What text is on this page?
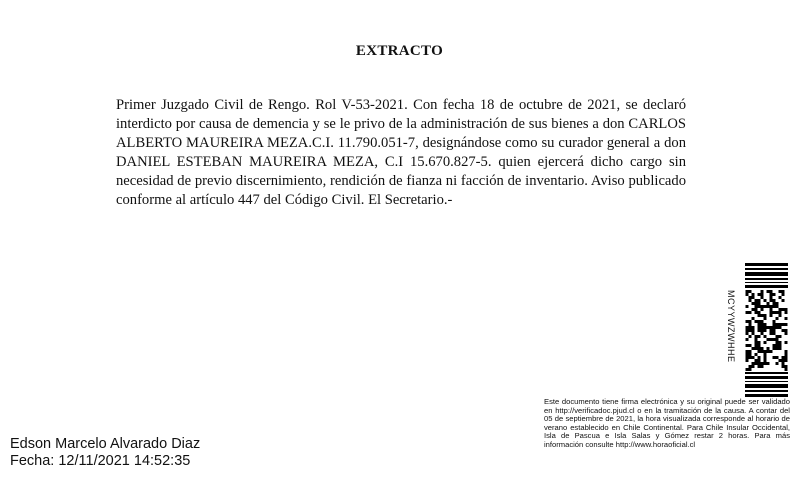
EXTRACTO
Primer Juzgado Civil de Rengo. Rol V-53-2021. Con fecha 18 de octubre de 2021, se declaró interdicto por causa de demencia y se le privo de la administración de sus bienes a don CARLOS ALBERTO MAUREIRA MEZA.C.I. 11.790.051-7, designándose como su curador general a don DANIEL ESTEBAN MAUREIRA MEZA, C.I 15.670.827-5. quien ejercerá dicho cargo sin necesidad de previo discernimiento, rendición de fianza ni facción de inventario. Aviso publicado conforme al artículo 447 del Código Civil. El Secretario.-
MCYYWZWHHE
Este documento tiene firma electrónica y su original puede ser validado en http://verificadoc.pjud.cl o en la tramitación de la causa. A contar del 05 de septiembre de 2021, la hora visualizada corresponde al horario de verano establecido en Chile Continental. Para Chile Insular Occidental, Isla de Pascua e Isla Salas y Gómez restar 2 horas. Para más información consulte http://www.horaoficial.cl
Edson Marcelo Alvarado Diaz
Fecha: 12/11/2021 14:52:35
